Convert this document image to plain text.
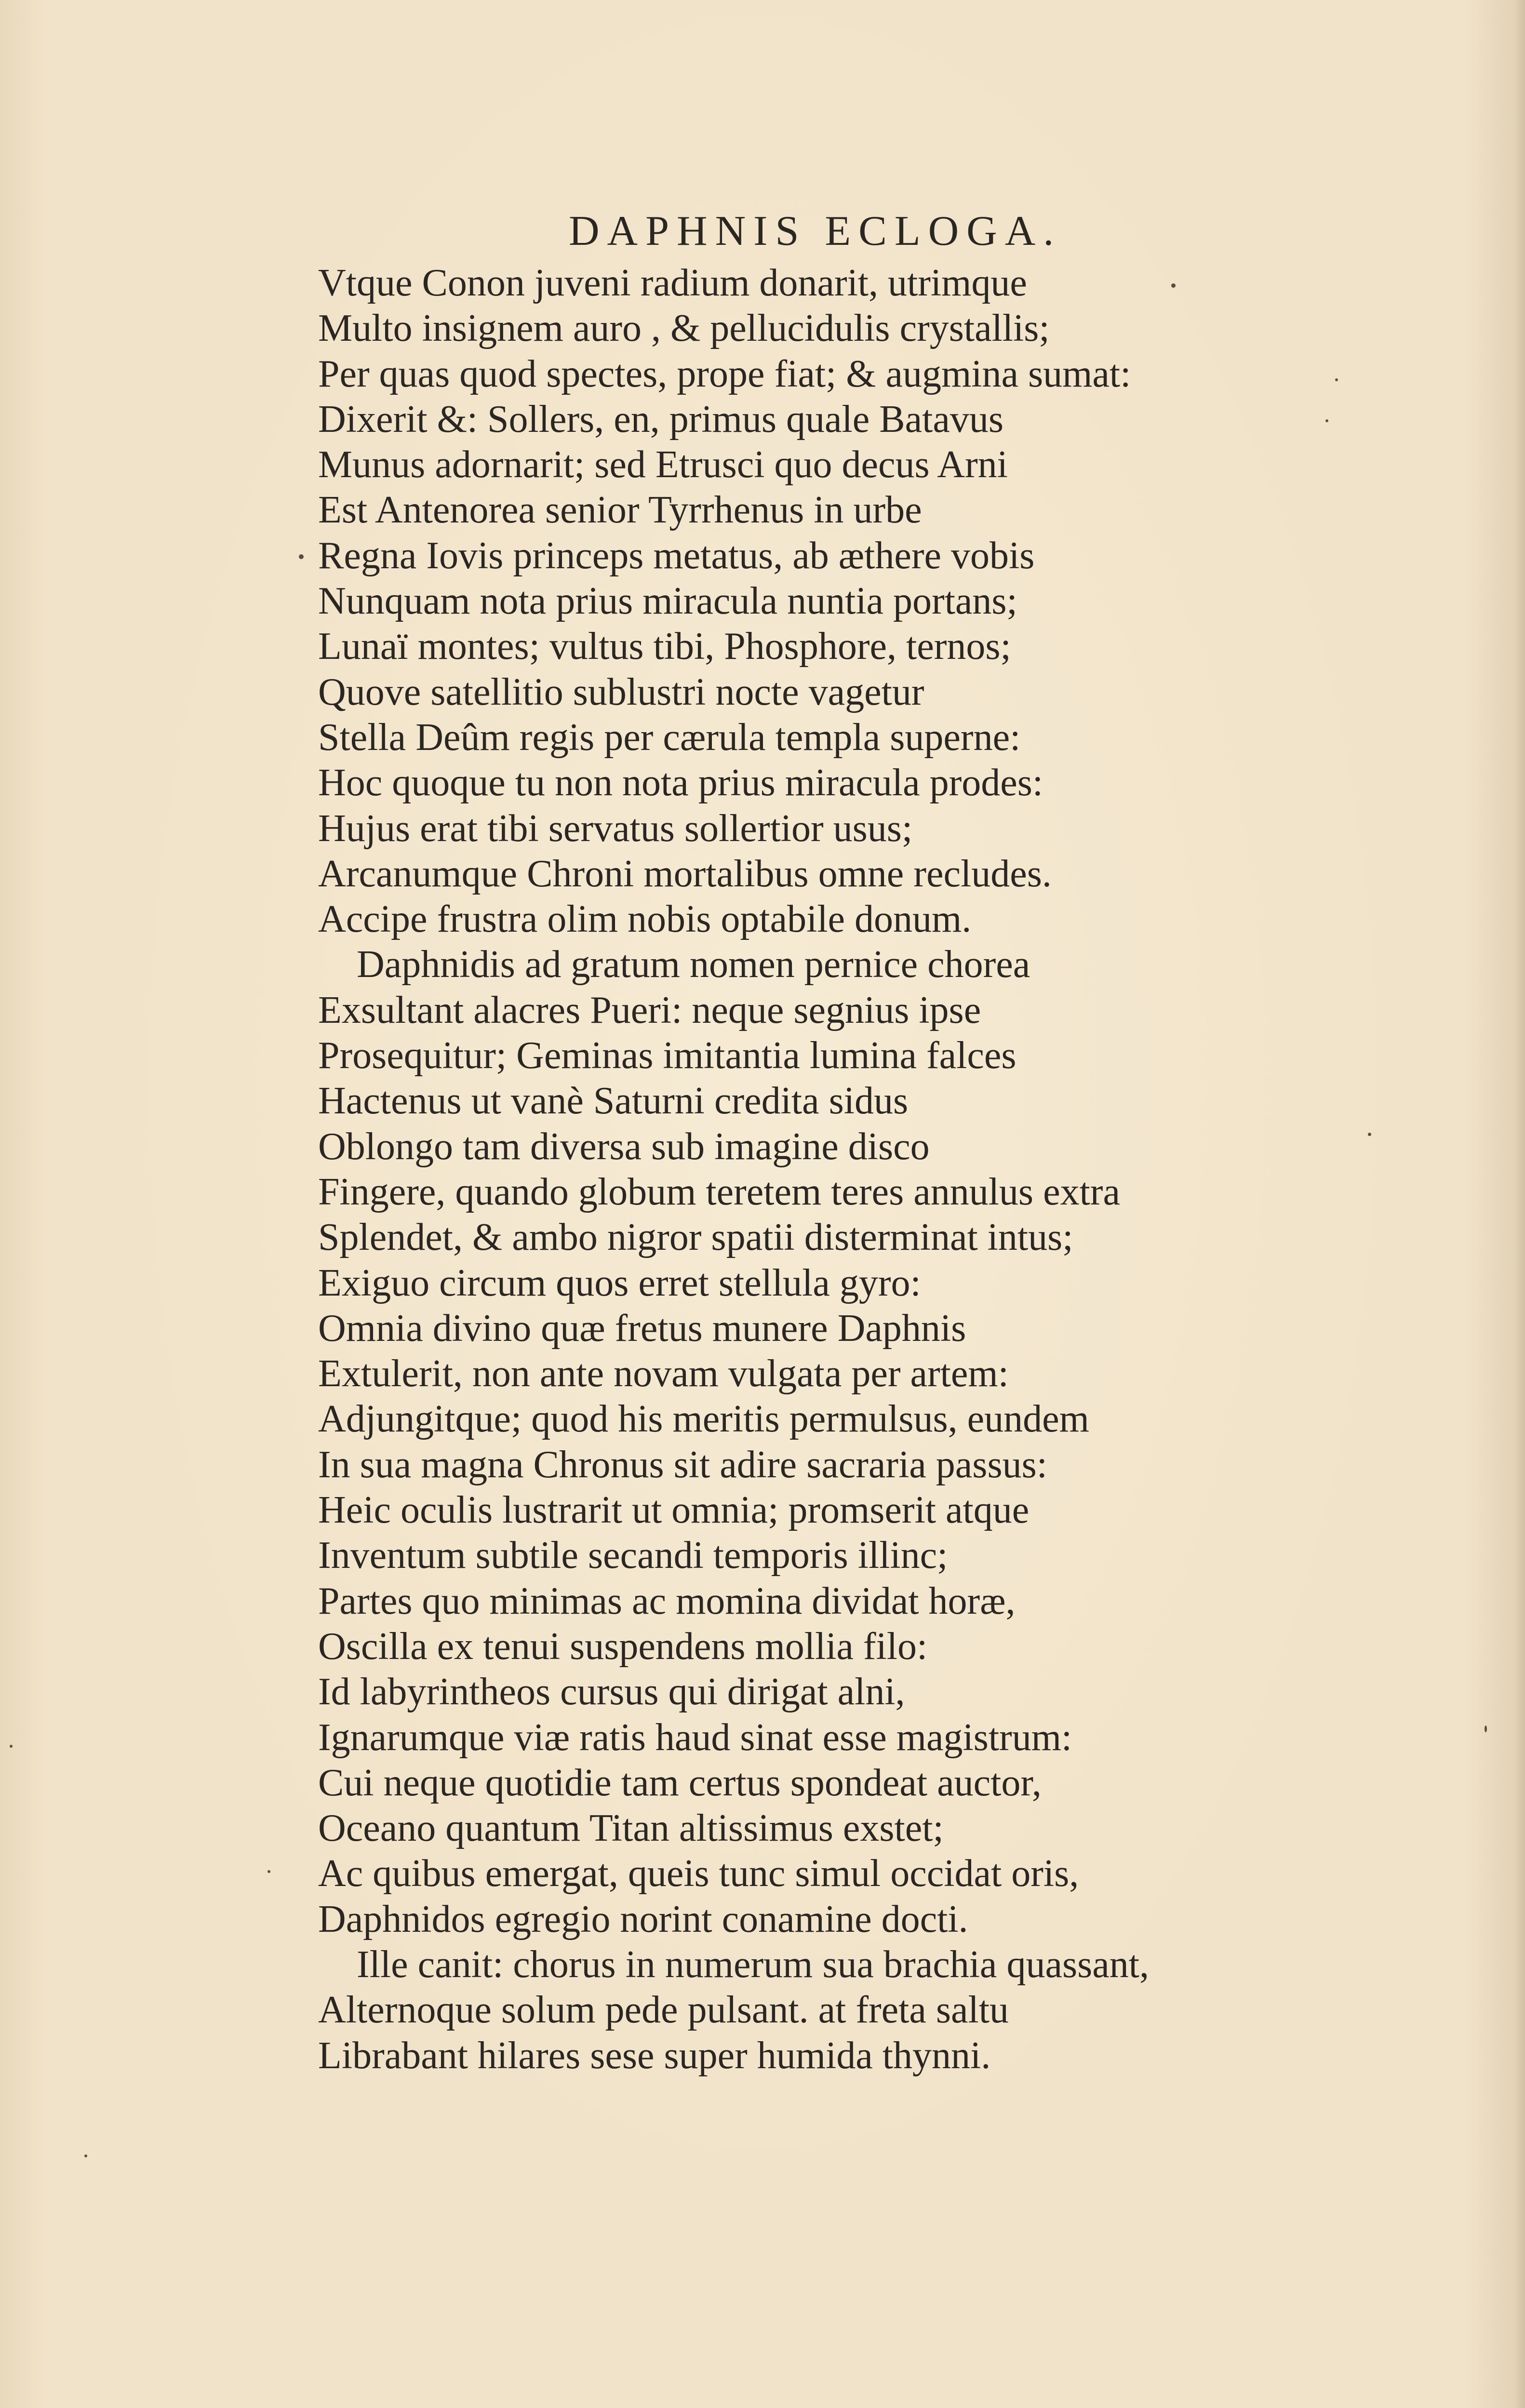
DAPHNIS ECLOGA.
Vtque Conon juveni radium donarit, utrimque
Multo insignem auro , & pellucidulis crystallis;
Per quas quod spectes, prope fiat; & augmina sumat:
Dixerit &: Sollers, en, primus quale Batavus
Munus adornarit; sed Etrusci quo decus Arni
Est Antenorea senior Tyrrhenus in urbe
Regna Iovis princeps metatus, ab æthere vobis
Nunquam nota prius miracula nuntia portans;
Lunaï montes; vultus tibi, Phosphore, ternos;
Quove satellitio sublustri nocte vagetur
Stella Deûm regis per cærula templa superne:
Hoc quoque tu non nota prius miracula prodes:
Hujus erat tibi servatus sollertior usus;
Arcanumque Chroni mortalibus omne recludes.
Accipe frustra olim nobis optabile donum.
Daphnidis ad gratum nomen pernice chorea
Exsultant alacres Pueri: neque segnius ipse
Prosequitur; Geminas imitantia lumina falces
Hactenus ut vanè Saturni credita sidus
Oblongo tam diversa sub imagine disco
Fingere, quando globum teretem teres annulus extra
Splendet, & ambo nigror spatii disterminat intus;
Exiguo circum quos erret stellula gyro:
Omnia divino quæ fretus munere Daphnis
Extulerit, non ante novam vulgata per artem:
Adjungitque; quod his meritis permulsus, eundem
In sua magna Chronus sit adire sacraria passus:
Heic oculis lustrarit ut omnia; promserit atque
Inventum subtile secandi temporis illinc;
Partes quo minimas ac momina dividat horæ,
Oscilla ex tenui suspendens mollia filo:
Id labyrintheos cursus qui dirigat alni,
Ignarumque viæ ratis haud sinat esse magistrum:
Cui neque quotidie tam certus spondeat auctor,
Oceano quantum Titan altissimus exstet;
Ac quibus emergat, queis tunc simul occidat oris,
Daphnidos egregio norint conamine docti.
Ille canit: chorus in numerum sua brachia quassant,
Alternoque solum pede pulsant. at freta saltu
Librabant hilares sese super humida thynni.
